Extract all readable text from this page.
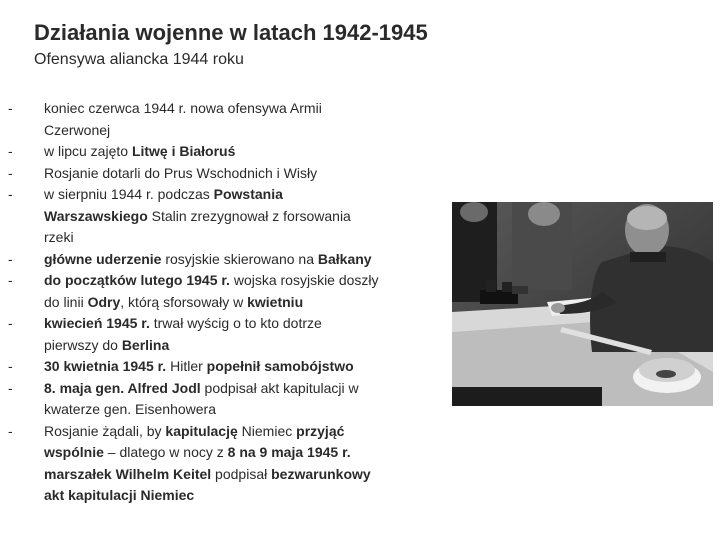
Działania wojenne w latach 1942-1945
Ofensywa aliancka 1944 roku
- koniec czerwca 1944 r. nowa ofensywa Armii
Czerwonej
- w lipcu zajęto Litwę i Białoruś
- Rosjanie dotarli do Prus Wschodnich i Wisły
- w sierpniu 1944 r. podczas Powstania
Warszawskiego Stalin zrezygnował z forsowania
rzeki
- główne uderzenie rosyjskie skierowano na Bałkany
- do początków lutego 1945 r. wojska rosyjskie doszły
do linii Odry, którą sforsowały w kwietniu
- kwiecień 1945 r. trwał wyścig o to kto dotrze
pierwszy do Berlina
- 30 kwietnia 1945 r. Hitler popełnił samobójstwo
- 8. maja gen. Alfred Jodl podpisał akt kapitulacji w
kwaterze gen. Eisenhowera
- Rosjanie żądali, by kapitulację Niemiec przyjąć
wspólnie – dlatego w nocy z 8 na 9 maja 1945 r.
marszałek Wilhelm Keitel podpisał bezwarunkowy
akt kapitulacji Niemiec
